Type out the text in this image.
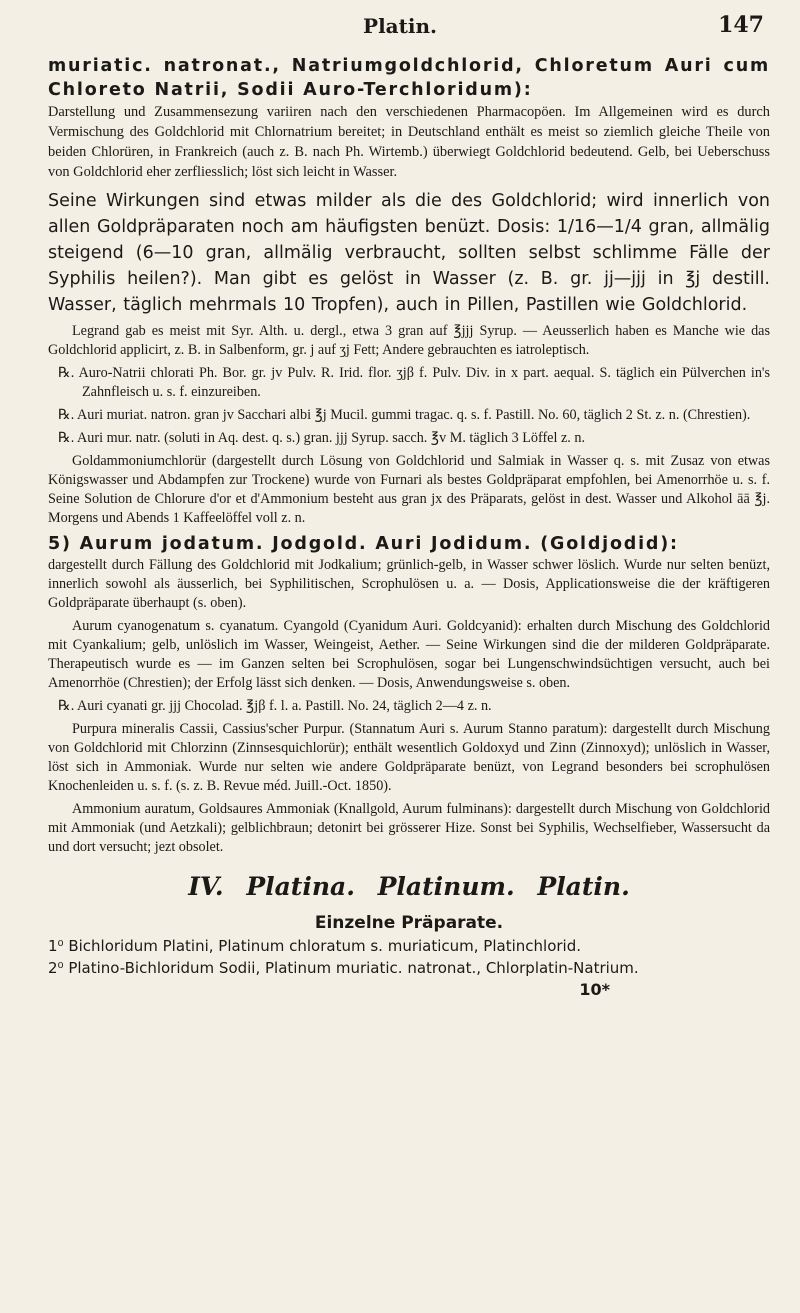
Platin.	147

muriatic. natronat., Natriumgoldchlorid, Chloretum Auri cum Chloreto Natrii, Sodii Auro-Terchloridum):

Darstellung und Zusammensezung variiren nach den verschiedenen Pharmacopöen. Im Allgemeinen wird es durch Vermischung des Goldchlorid mit Chlornatrium bereitet; in Deutschland enthält es meist so ziemlich gleiche Theile von beiden Chlorüren, in Frankreich (auch z. B. nach Ph. Wirtemb.) überwiegt Goldchlorid bedeutend. Gelb, bei Ueberschuss von Goldchlorid eher zerfliesslich; löst sich leicht in Wasser.

Seine Wirkungen sind etwas milder als die des Goldchlorid; wird innerlich von allen Goldpräparaten noch am häufigsten benüzt. Dosis: 1/16—1/4 gran, allmälig steigend (6—10 gran, allmälig verbraucht, sollten selbst schlimme Fälle der Syphilis heilen?). Man gibt es gelöst in Wasser (z. B. gr. jj—jjj in ℥j destill. Wasser, täglich mehrmals 10 Tropfen), auch in Pillen, Pastillen wie Goldchlorid.

Legrand gab es meist mit Syr. Alth. u. dergl., etwa 3 gran auf ℥jjj Syrup. — Aeusserlich haben es Manche wie das Goldchlorid applicirt, z. B. in Salbenform, gr. j auf ʒj Fett; Andere gebrauchten es iatroleptisch.

℞. Auro-Natrii chlorati Ph. Bor. gr. jv Pulv. R. Irid. flor. ʒjβ f. Pulv. Div. in x part. aequal. S. täglich ein Pülverchen in's Zahnfleisch u. s. f. einzureiben.

℞. Auri muriat. natron. gran jv Sacchari albi ℥j Mucil. gummi tragac. q. s. f. Pastill. No. 60, täglich 2 St. z. n. (Chrestien).

℞. Auri mur. natr. (soluti in Aq. dest. q. s.) gran. jjj Syrup. sacch. ℥v M. täglich 3 Löffel z. n.

Goldammoniumchlorür (dargestellt durch Lösung von Goldchlorid und Salmiak in Wasser q. s. mit Zusaz von etwas Königswasser und Abdampfen zur Trockene) wurde von Furnari als bestes Goldpräparat empfohlen, bei Amenorrhöe u. s. f. Seine Solution de Chlorure d'or et d'Ammonium besteht aus gran jx des Präparats, gelöst in dest. Wasser und Alkohol āā ℥j. Morgens und Abends 1 Kaffeelöffel voll z. n.

5) Aurum jodatum. Jodgold. Auri Jodidum. (Goldjodid):

dargestellt durch Fällung des Goldchlorid mit Jodkalium; grünlich-gelb, in Wasser schwer löslich. Wurde nur selten benüzt, innerlich sowohl als äusserlich, bei Syphilitischen, Scrophulösen u. a. — Dosis, Applicationsweise die der kräftigeren Goldpräparate überhaupt (s. oben).

Aurum cyanogenatum s. cyanatum. Cyangold (Cyanidum Auri. Goldcyanid): erhalten durch Mischung des Goldchlorid mit Cyankalium; gelb, unlöslich im Wasser, Weingeist, Aether. — Seine Wirkungen sind die der milderen Goldpräparate. Therapeutisch wurde es — im Ganzen selten bei Scrophulösen, sogar bei Lungenschwindsüchtigen versucht, auch bei Amenorrhöe (Chrestien); der Erfolg lässt sich denken. — Dosis, Anwendungsweise s. oben.

℞. Auri cyanati gr. jjj Chocolad. ℥jβ f. l. a. Pastill. No. 24, täglich 2—4 z. n.

Purpura mineralis Cassii, Cassius'scher Purpur. (Stannatum Auri s. Aurum Stanno paratum): dargestellt durch Mischung von Goldchlorid mit Chlorzinn (Zinnsesquichlorür); enthält wesentlich Goldoxyd und Zinn (Zinnoxyd); unlöslich in Wasser, löst sich in Ammoniak. Wurde nur selten wie andere Goldpräparate benüzt, von Legrand besonders bei scrophulösen Knochenleiden u. s. f. (s. z. B. Revue méd. Juill.-Oct. 1850).

Ammonium auratum, Goldsaures Ammoniak (Knallgold, Aurum fulminans): dargestellt durch Mischung von Goldchlorid mit Ammoniak (und Aetzkali); gelblichbraun; detonirt bei grösserer Hize. Sonst bei Syphilis, Wechselfieber, Wassersucht da und dort versucht; jezt obsolet.

IV. Platina. Platinum. Platin.
Einzelne Präparate.

1⁰ Bichloridum Platini, Platinum chloratum s. muriaticum, Platinchlorid.

2⁰ Platino-Bichloridum Sodii, Platinum muriatic. natronat., Chlorplatin-Natrium.

10*
